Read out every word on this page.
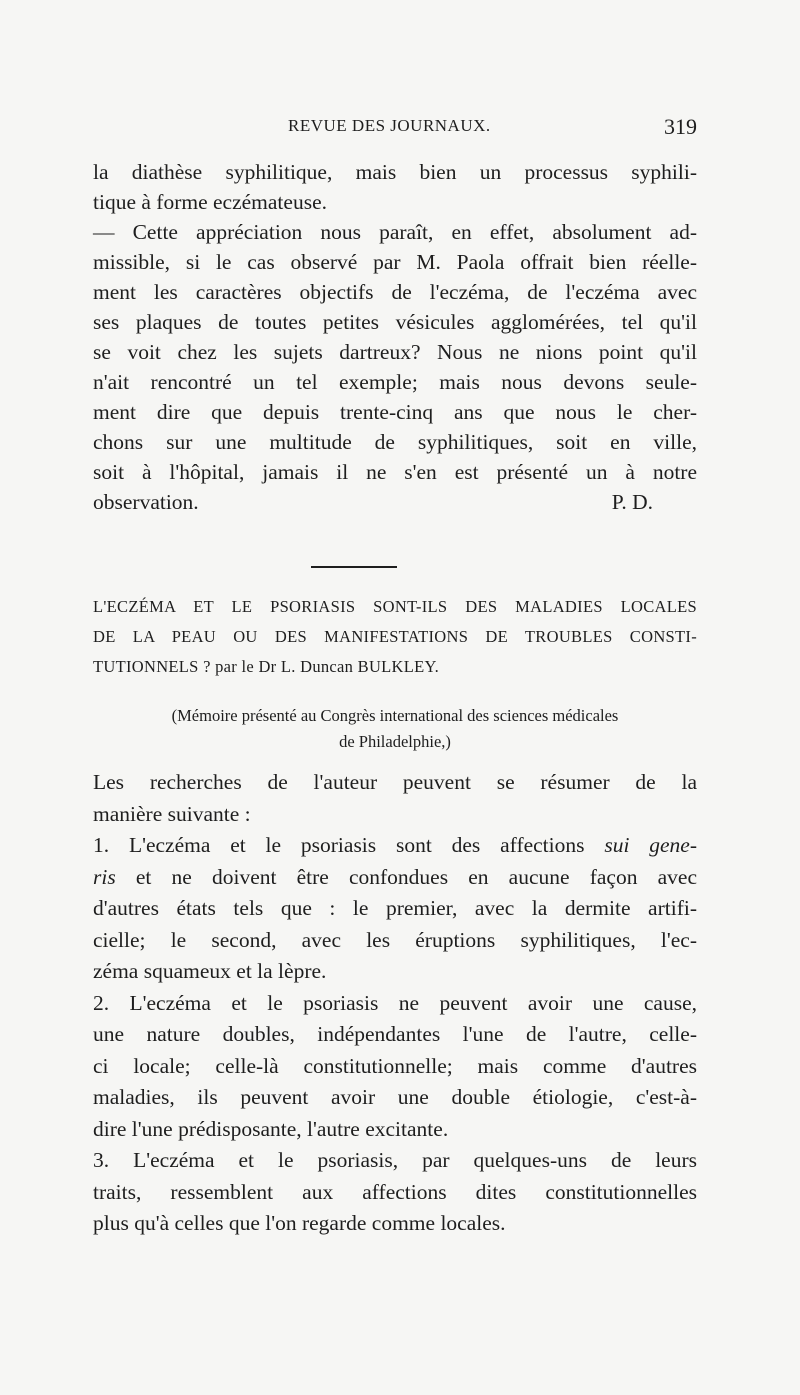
REVUE DES JOURNAUX.	319
la diathèse syphilitique, mais bien un processus syphili-
tique à forme eczémateuse.
— Cette appréciation nous paraît, en effet, absolument ad-
missible, si le cas observé par M. Paola offrait bien réelle-
ment les caractères objectifs de l'eczéma, de l'eczéma avec
ses plaques de toutes petites vésicules agglomérées, tel qu'il
se voit chez les sujets dartreux? Nous ne nions point qu'il
n'ait rencontré un tel exemple; mais nous devons seule-
ment dire que depuis trente-cinq ans que nous le cher-
chons sur une multitude de syphilitiques, soit en ville,
soit à l'hôpital, jamais il ne s'en est présenté un à notre
observation.	P. D.
L'ECZÉMA ET LE PSORIASIS SONT-ILS DES MALADIES LOCALES
DE LA PEAU OU DES MANIFESTATIONS DE TROUBLES CONSTI-
TUTIONNELS ? par le Dr L. Duncan BULKLEY.
(Mémoire présenté au Congrès international des sciences médicales
de Philadelphie,)
Les recherches de l'auteur peuvent se résumer de la
manière suivante :
1. L'eczéma et le psoriasis sont des affections sui gene-
ris et ne doivent être confondues en aucune façon avec
d'autres états tels que : le premier, avec la dermite artifi-
cielle; le second, avec les éruptions syphilitiques, l'ec-
zéma squameux et la lèpre.
2. L'eczéma et le psoriasis ne peuvent avoir une cause,
une nature doubles, indépendantes l'une de l'autre, celle-
ci locale; celle-là constitutionnelle; mais comme d'autres
maladies, ils peuvent avoir une double étiologie, c'est-à-
dire l'une prédisposante, l'autre excitante.
3. L'eczéma et le psoriasis, par quelques-uns de leurs
traits, ressemblent aux affections dites constitutionnelles
plus qu'à celles que l'on regarde comme locales.
